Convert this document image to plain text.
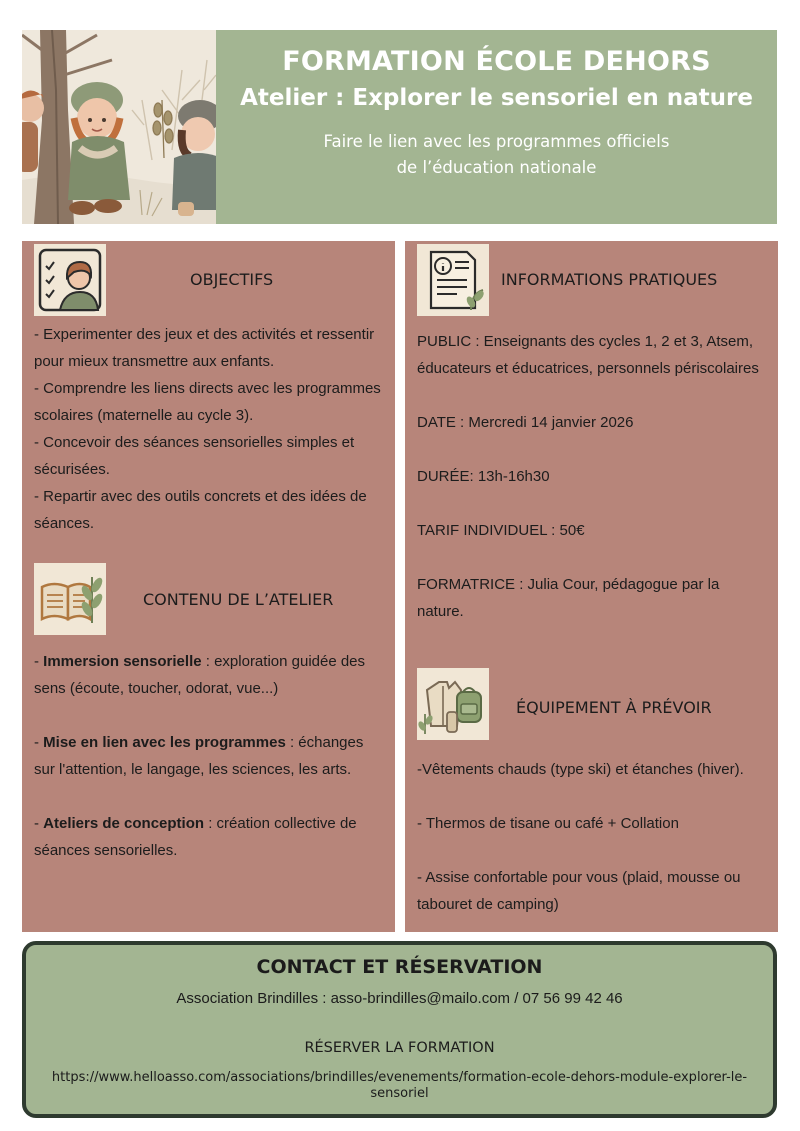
FORMATION ÉCOLE DEHORS
Atelier : Explorer le sensoriel en nature
Faire le lien avec les programmes officiels
de l’éducation nationale
OBJECTIFS

- Experimenter des jeux et des activités et ressentir pour mieux transmettre aux enfants.

- Comprendre les liens directs avec les programmes scolaires (maternelle au cycle 3).

- Concevoir des séances sensorielles simples et sécurisées.

- Repartir avec des outils concrets et des idées de séances.

CONTENU DE L’ATELIER

- Immersion sensorielle : exploration guidée des sens (écoute, toucher, odorat, vue...)

- Mise en lien avec les programmes : échanges sur l'attention, le langage, les sciences, les arts.

- Ateliers de conception : création collective de séances sensorielles.

INFORMATIONS PRATIQUES

PUBLIC : Enseignants des cycles 1, 2 et 3, Atsem, éducateurs et éducatrices, personnels périscolaires

DATE : Mercredi 14 janvier 2026

DURÉE: 13h-16h30

TARIF INDIVIDUEL : 50€

FORMATRICE : Julia Cour, pédagogue par la nature.

ÉQUIPEMENT À PRÉVOIR

-Vêtements chauds (type ski) et étanches (hiver).

- Thermos de tisane ou café + Collation

- Assise confortable pour vous (plaid, mousse ou tabouret de camping)

CONTACT ET RÉSERVATION
Association Brindilles : asso-brindilles@mailo.com / 07 56 99 42 46
RÉSERVER LA FORMATION
https://www.helloasso.com/associations/brindilles/evenements/formation-ecole-dehors-module-explorer-le-sensoriel
